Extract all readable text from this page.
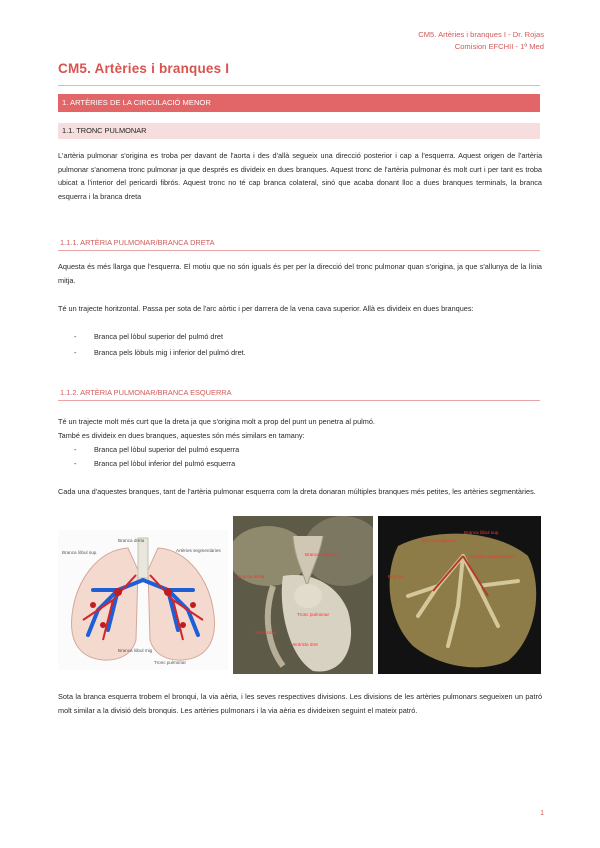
CM5. Artèries i branques I - Dr. Rojas
Comision EFCHII - 1º Med
CM5. Artèries i branques I
1. ARTÈRIES DE LA CIRCULACIÓ MENOR
1.1. TRONC PULMONAR

L'artèria pulmonar s'origina es troba per davant de l'aorta i des d'allà segueix una direcció posterior i cap a l'esquerra. Aquest origen de l'artèria pulmonar s'anomena tronc pulmonar ja que després es divideix en dues branques. Aquest tronc de l'artèria pulmonar és molt curt i per tant es troba ubicat a l'interior del pericardi fibrós. Aquest tronc no té cap branca colateral, sinó que acaba donant lloc a dues branques terminals, la branca esquerra i la branca dreta

1.1.1. ARTÈRIA PULMONAR/BRANCA DRETA

Aquesta és més llarga que l'esquerra. El motiu que no són iguals és per per la direcció del tronc pulmonar quan s'origina, ja que s'allunya de la línia mitja.

Té un trajecte horitzontal. Passa per sota de l'arc aòrtic i per darrera de la vena cava superior. Allà es divideix en dues branques:

- Branca pel lòbul superior del pulmó dret
- Branca pels lòbuls mig i inferior del pulmó dret.
1.1.2. ARTÈRIA PULMONAR/BRANCA ESQUERRA

Té un trajecte molt més curt que la dreta ja que s'origina molt a prop del punt un penetra al pulmó.

També es divideix en dues branques, aquestes són més similars en tamany:

- Branca pel lòbul superior del pulmó esquerra
- Branca pel lòbul inferior del pulmó esquerra

Cada una d'aquestes branques, tant de l'artèria pulmonar esquerra com la dreta donaran múltiples branques més petites, les artèries segmentàries.

Branca lòbul sup.
Branca dreta
Artèries segmentàries
Branca lòbul mig
Tronc pulmonar
Branca esquerra
Branca dreta
Tronc pulmonar
Vena cava
Ventricle dret
Branca lòbul sup.
Branca esquerra
Artèries segmentàries
Bronqui

Sota la branca esquerra trobem el bronqui, la via aèria, i les seves respectives divisions. Les divisions de les artèries pulmonars segueixen un patró molt similar a la divisió dels bronquis. Les artèries pulmonars i la via aèria es divideixen seguint el mateix patró.

1
